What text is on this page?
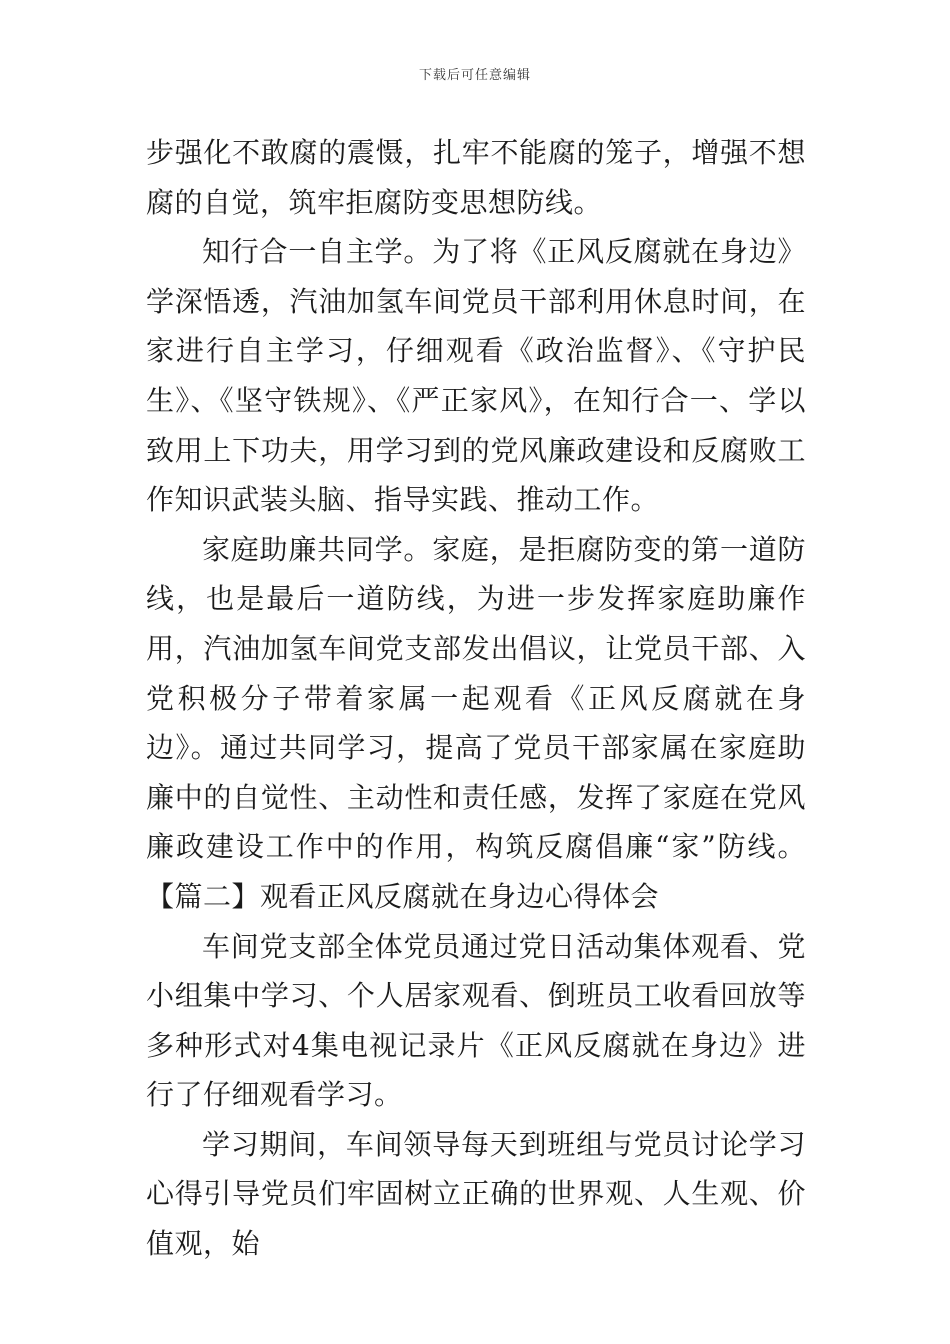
下载后可任意编辑

步强化不敢腐的震慑，扎牢不能腐的笼子，增强不想腐的自觉，筑牢拒腐防变思想防线。

知行合一自主学。为了将《正风反腐就在身边》学深悟透，汽油加氢车间党员干部利用休息时间，在家进行自主学习，仔细观看《政治监督》、《守护民生》、《坚守铁规》、《严正家风》，在知行合一、学以致用上下功夫，用学习到的党风廉政建设和反腐败工作知识武装头脑、指导实践、推动工作。

家庭助廉共同学。家庭，是拒腐防变的第一道防线，也是最后一道防线，为进一步发挥家庭助廉作用，汽油加氢车间党支部发出倡议，让党员干部、入党积极分子带着家属一起观看《正风反腐就在身边》。通过共同学习，提高了党员干部家属在家庭助廉中的自觉性、主动性和责任感，发挥了家庭在党风廉政建设工作中的作用，构筑反腐倡廉“家”防线。【篇二】观看正风反腐就在身边心得体会

车间党支部全体党员通过党日活动集体观看、党小组集中学习、个人居家观看、倒班员工收看回放等多种形式对4集电视记录片《正风反腐就在身边》进行了仔细观看学习。

学习期间，车间领导每天到班组与党员讨论学习心得引导党员们牢固树立正确的世界观、人生观、价值观，始
